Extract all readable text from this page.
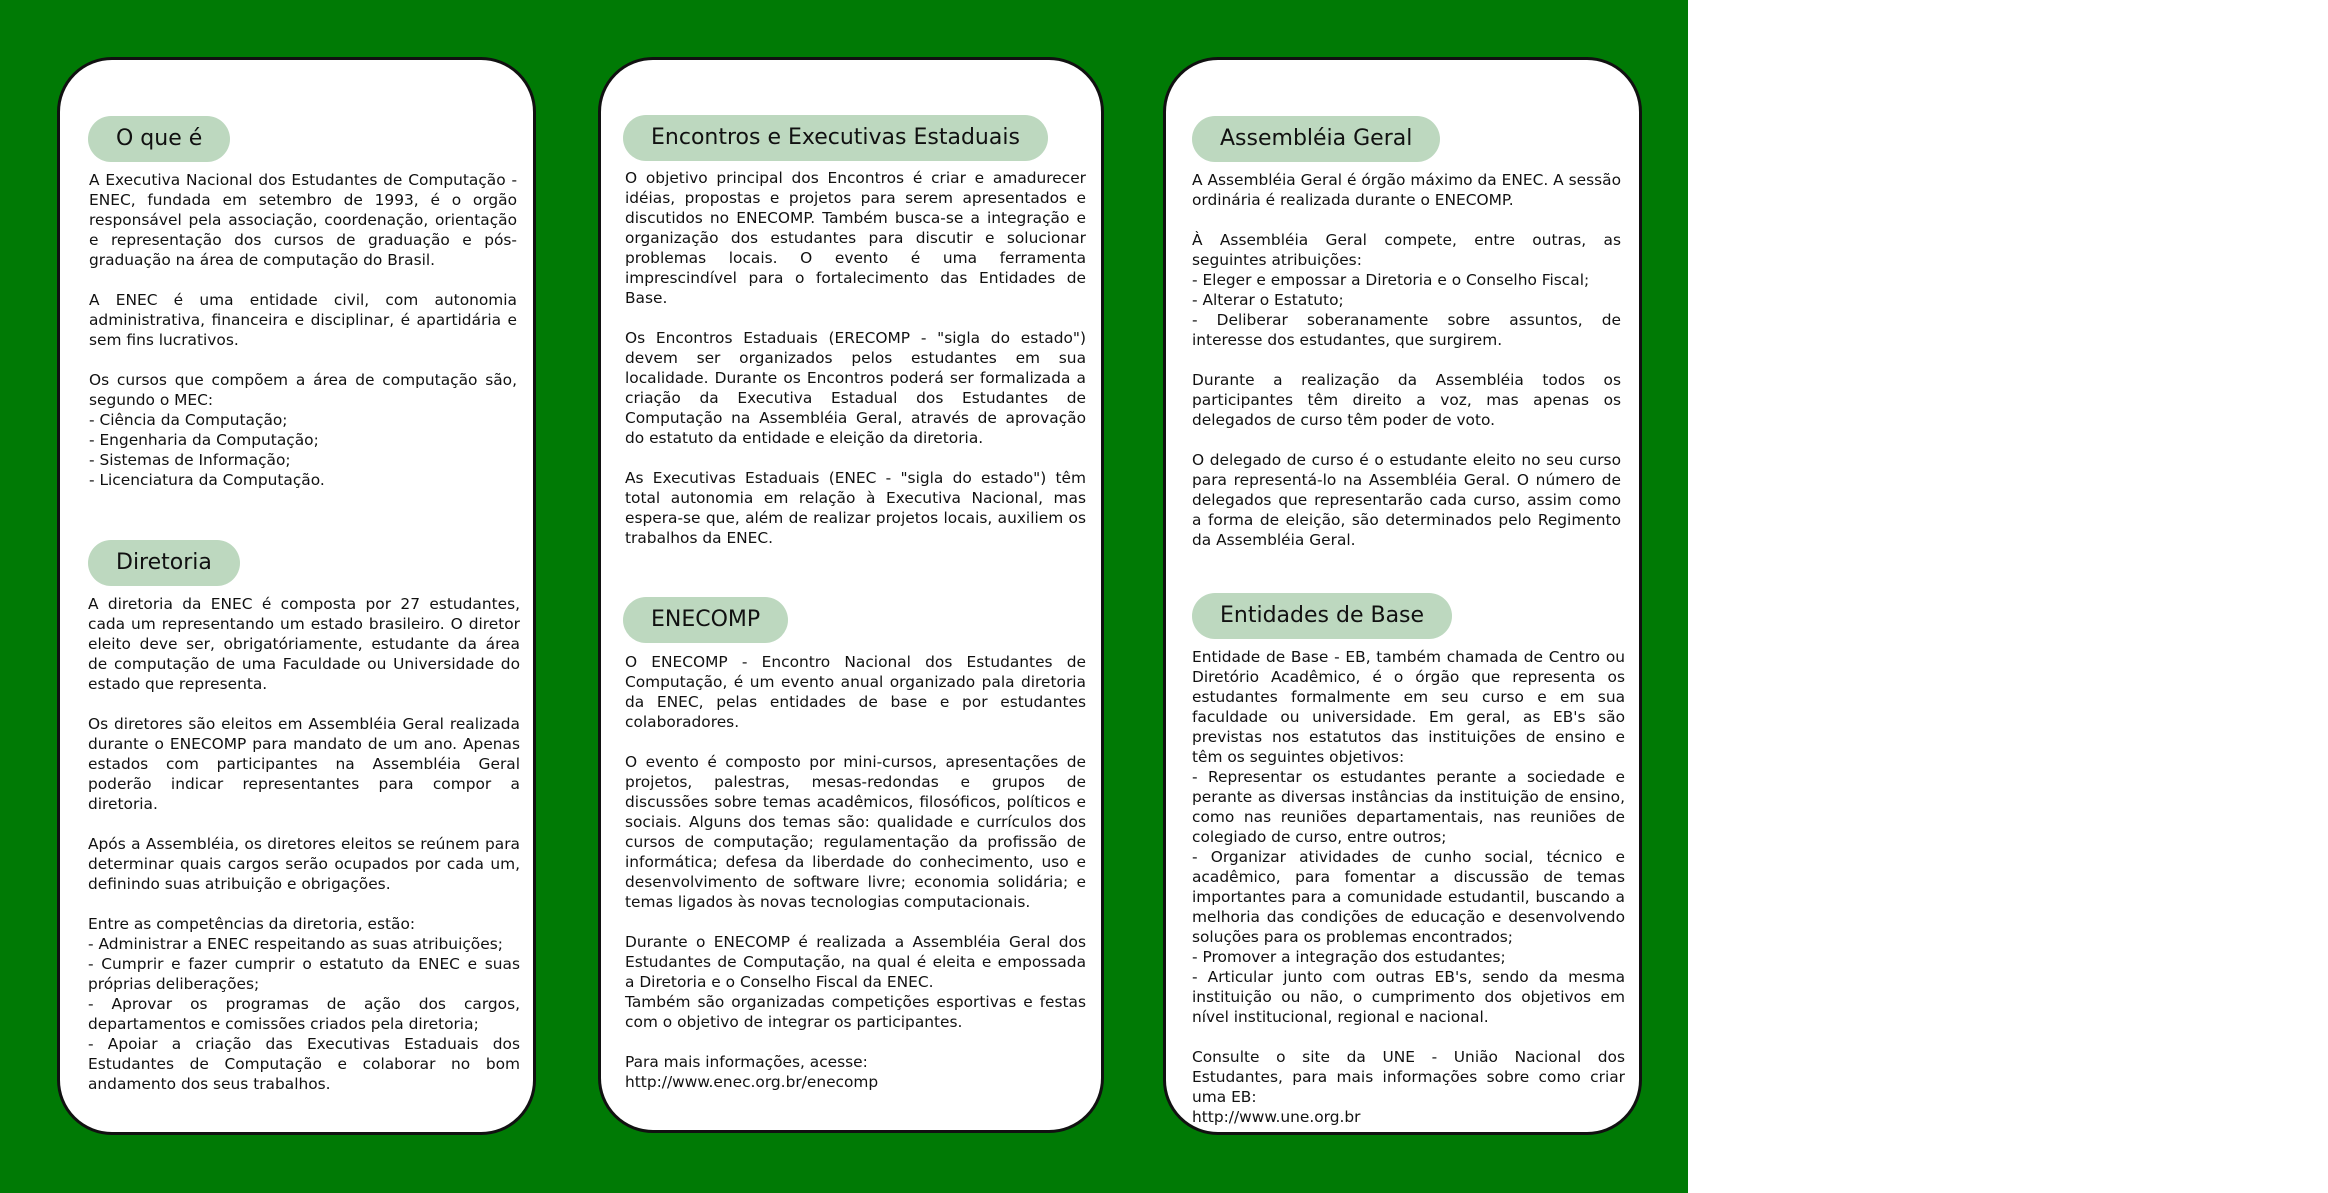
O que é

A Executiva Nacional dos Estudantes de Computação - ENEC, fundada em setembro de 1993, é o orgão responsável pela associação, coordenação, orientação e representação dos cursos de graduação e pós-graduação na área de computação do Brasil.

A ENEC é uma entidade civil, com autonomia administrativa, financeira e disciplinar, é apartidária e sem fins lucrativos.

Os cursos que compõem a área de computação são, segundo o MEC:
- Ciência da Computação;
- Engenharia da Computação;
- Sistemas de Informação;
- Licenciatura da Computação.

Diretoria

A diretoria da ENEC é composta por 27 estudantes, cada um representando um estado brasileiro. O diretor eleito deve ser, obrigatóriamente, estudante da área de computação de uma Faculdade ou Universidade do estado que representa.

Os diretores são eleitos em Assembléia Geral realizada durante o ENECOMP para mandato de um ano. Apenas estados com participantes na Assembléia Geral poderão indicar representantes para compor a diretoria.

Após a Assembléia, os diretores eleitos se reúnem para determinar quais cargos serão ocupados por cada um, definindo suas atribuição e obrigações.

Entre as competências da diretoria, estão:
- Administrar a ENEC respeitando as suas atribuições;
- Cumprir e fazer cumprir o estatuto da ENEC e suas próprias deliberações;
- Aprovar os programas de ação dos cargos, departamentos e comissões criados pela diretoria;
- Apoiar a criação das Executivas Estaduais dos Estudantes de Computação e colaborar no bom andamento dos seus trabalhos.

Encontros e Executivas Estaduais

O objetivo principal dos Encontros é criar e amadurecer idéias, propostas e projetos para serem apresentados e discutidos no ENECOMP. Também busca-se a integração e organização dos estudantes para discutir e solucionar problemas locais. O evento é uma ferramenta imprescindível para o fortalecimento das Entidades de Base.

Os Encontros Estaduais (ERECOMP - "sigla do estado") devem ser organizados pelos estudantes em sua localidade. Durante os Encontros poderá ser formalizada a criação da Executiva Estadual dos Estudantes de Computação na Assembléia Geral, através de aprovação do estatuto da entidade e eleição da diretoria.

As Executivas Estaduais (ENEC - "sigla do estado") têm total autonomia em relação à Executiva Nacional, mas espera-se que, além de realizar projetos locais, auxiliem os trabalhos da ENEC.

ENECOMP

O ENECOMP - Encontro Nacional dos Estudantes de Computação, é um evento anual organizado pala diretoria da ENEC, pelas entidades de base e por estudantes colaboradores.

O evento é composto por mini-cursos, apresentações de projetos, palestras, mesas-redondas e grupos de discussões sobre temas acadêmicos, filosóficos, políticos e sociais. Alguns dos temas são: qualidade e currículos dos cursos de computação; regulamentação da profissão de informática; defesa da liberdade do conhecimento, uso e desenvolvimento de software livre; economia solidária; e temas ligados às novas tecnologias computacionais.

Durante o ENECOMP é realizada a Assembléia Geral dos Estudantes de Computação, na qual é eleita e empossada a Diretoria e o Conselho Fiscal da ENEC.
Também são organizadas competições esportivas e festas com o objetivo de integrar os participantes.

Para mais informações, acesse:
http://www.enec.org.br/enecomp

Assembléia Geral

A Assembléia Geral é órgão máximo da ENEC. A sessão ordinária é realizada durante o ENECOMP.

À Assembléia Geral compete, entre outras, as seguintes atribuições:
- Eleger e empossar a Diretoria e o Conselho Fiscal;
- Alterar o Estatuto;
- Deliberar soberanamente sobre assuntos, de interesse dos estudantes, que surgirem.

Durante a realização da Assembléia todos os participantes têm direito a voz, mas apenas os delegados de curso têm poder de voto.

O delegado de curso é o estudante eleito no seu curso para representá-lo na Assembléia Geral. O número de delegados que representarão cada curso, assim como a forma de eleição, são determinados pelo Regimento da Assembléia Geral.

Entidades de Base

Entidade de Base - EB, também chamada de Centro ou Diretório Acadêmico, é o órgão que representa os estudantes formalmente em seu curso e em sua faculdade ou universidade. Em geral, as EB's são previstas nos estatutos das instituições de ensino e têm os seguintes objetivos:
- Representar os estudantes perante a sociedade e perante as diversas instâncias da instituição de ensino, como nas reuniões departamentais, nas reuniões de colegiado de curso, entre outros;
- Organizar atividades de cunho social, técnico e acadêmico, para fomentar a discussão de temas importantes para a comunidade estudantil, buscando a melhoria das condições de educação e desenvolvendo soluções para os problemas encontrados;
- Promover a integração dos estudantes;
- Articular junto com outras EB's, sendo da mesma instituição ou não, o cumprimento dos objetivos em nível institucional, regional e nacional.

Consulte o site da UNE - União Nacional dos Estudantes, para mais informações sobre como criar uma EB:
http://www.une.org.br
